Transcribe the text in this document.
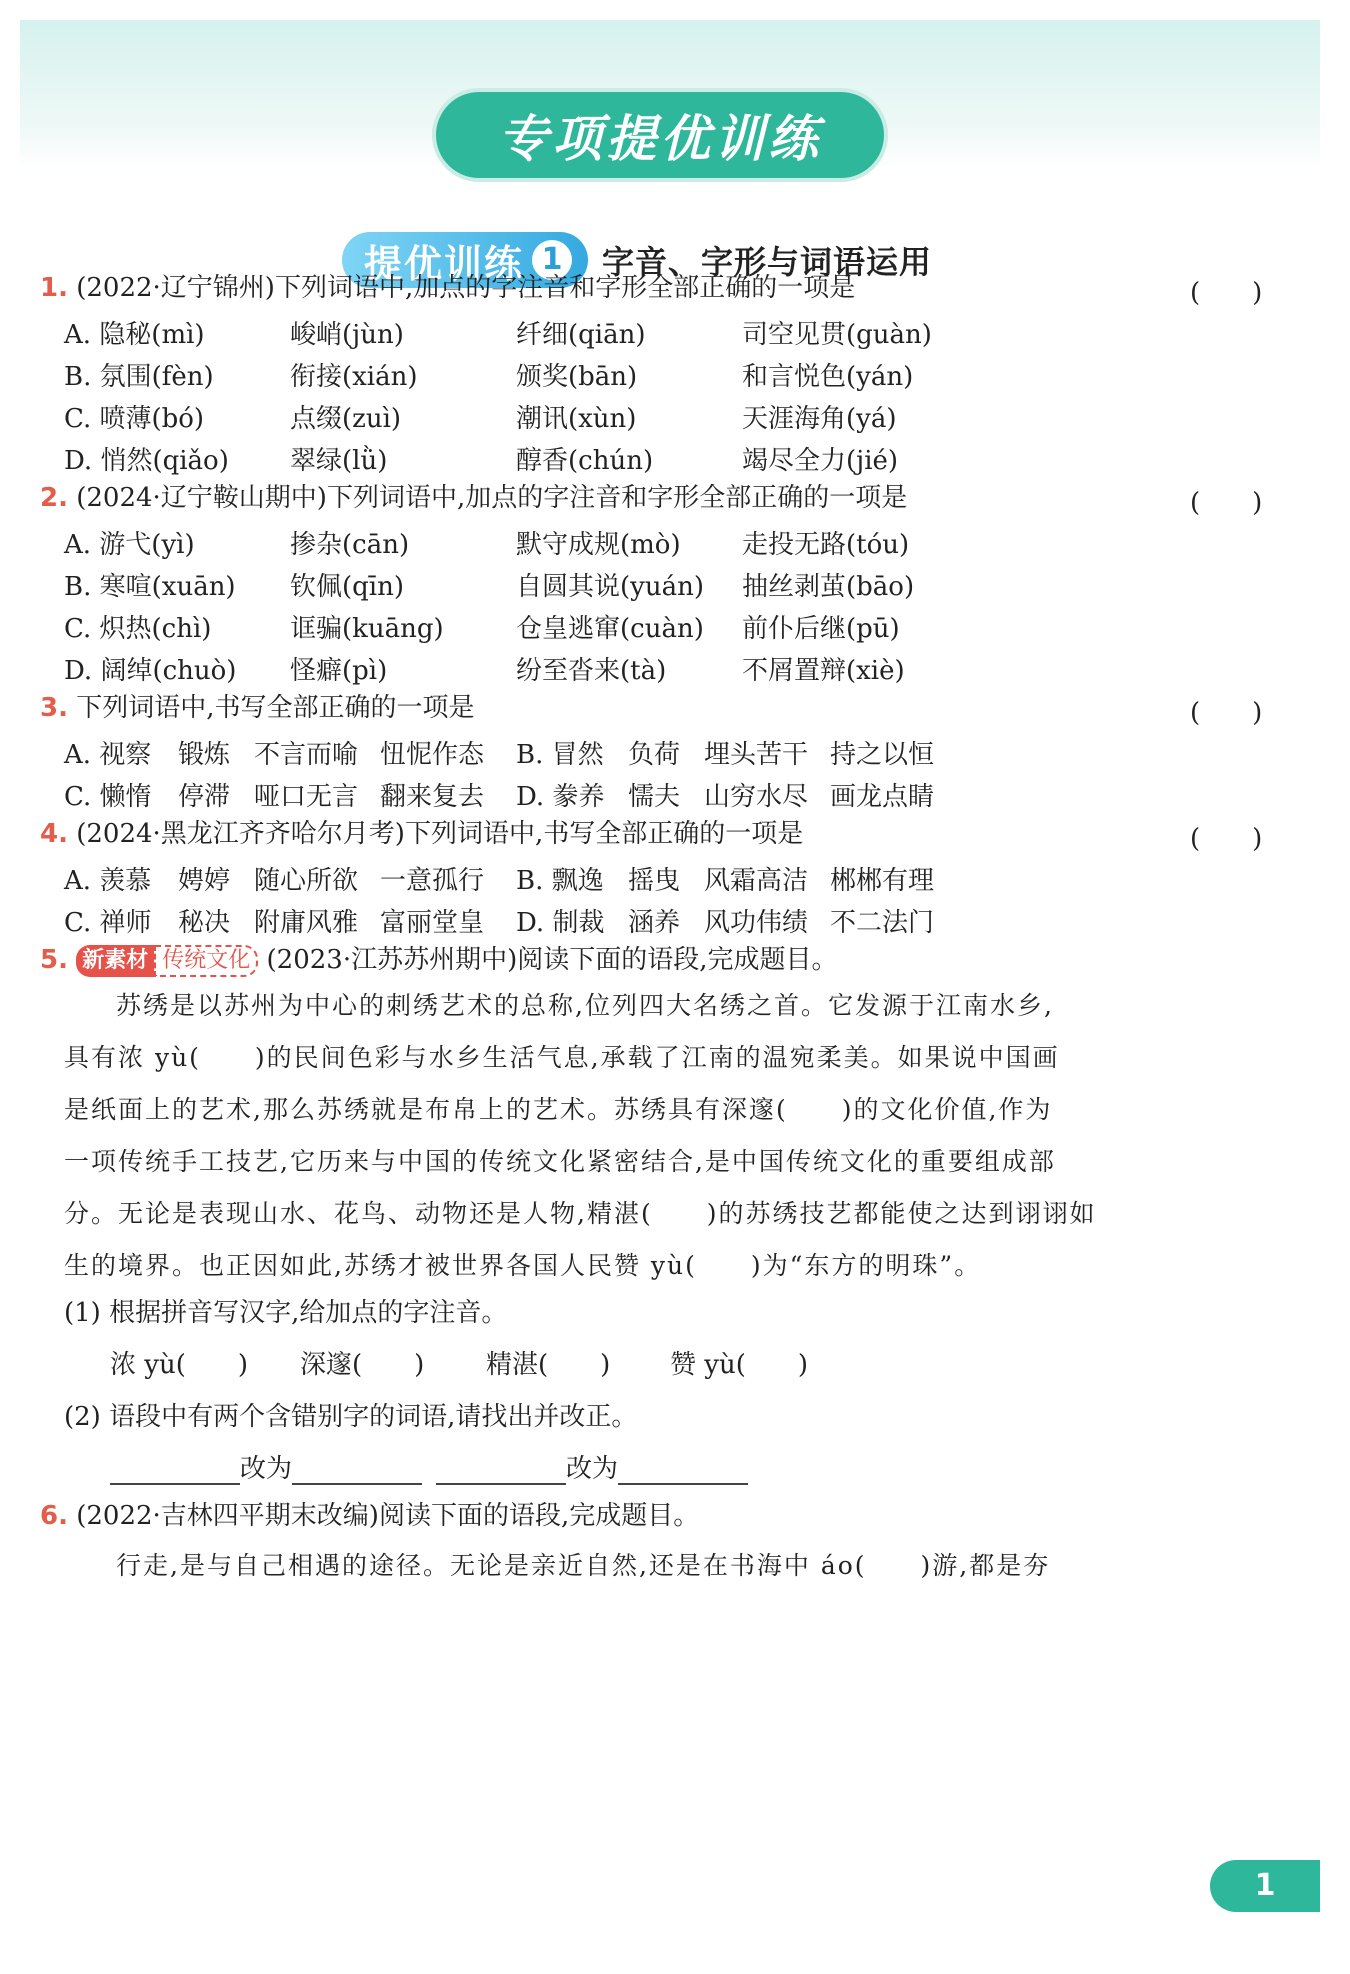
专项提优训练
提优训练 1 字音、字形与词语运用
1. (2022·辽宁锦州)下列词语中,加点的字注音和字形全部正确的一项是	(　　)
A. 隐秘(mì)	峻峭(jùn)	纤细(qiān)	司空见贯(guàn)
B. 氛围(fèn)	衔接(xián)	颁奖(bān)	和言悦色(yán)
C. 喷薄(bó)	点缀(zuì)	潮讯(xùn)	天涯海角(yá)
D. 悄然(qiǎo) 翠绿(lǜ)	醇香(chún)	竭尽全力(jié)
2. (2024·辽宁鞍山期中)下列词语中,加点的字注音和字形全部正确的一项是	(　　)
A. 游弋(yì)	掺杂(cān)	默守成规(mò) 走投无路(tóu)
B. 寒喧(xuān) 钦佩(qīn)	自圆其说(yuán) 抽丝剥茧(bāo)
C. 炽热(chì)	诓骗(kuāng)	仓皇逃窜(cuàn) 前仆后继(pū)
D. 阔绰(chuò) 怪癖(pì)	纷至沓来(tà)	不屑置辩(xiè)
3. 下列词语中,书写全部正确的一项是	(　　)
A. 视察 锻炼 不言而喻 忸怩作态 B. 冒然 负荷 埋头苦干 持之以恒
C. 懒惰 停滞 哑口无言 翻来复去 D. 豢养 懦夫 山穷水尽 画龙点睛
4. (2024·黑龙江齐齐哈尔月考)下列词语中,书写全部正确的一项是	(　　)
A. 羡慕 娉婷 随心所欲 一意孤行 B. 飘逸 摇曳 风霜高洁 郴郴有理
C. 禅师 秘决 附庸风雅 富丽堂皇 D. 制裁 涵养 风功伟绩 不二法门
5. 新素材 传统文化 (2023·江苏苏州期中)阅读下面的语段,完成题目。
苏绣是以苏州为中心的刺绣艺术的总称,位列四大名绣之首。它发源于江南水乡,
具有浓 yù(　　)的民间色彩与水乡生活气息,承载了江南的温宛柔美。如果说中国画
是纸面上的艺术,那么苏绣就是布帛上的艺术。苏绣具有深邃(　　)的文化价值,作为
一项传统手工技艺,它历来与中国的传统文化紧密结合,是中国传统文化的重要组成部
分。无论是表现山水、花鸟、动物还是人物,精湛(　　)的苏绣技艺都能使之达到诩诩如
生的境界。也正因如此,苏绣才被世界各国人民赞 yù(　　)为“东方的明珠”。
(1) 根据拼音写汉字,给加点的字注音。
浓 yù(　　) 深邃(　　) 精湛(　　) 赞 yù(　　)
(2) 语段中有两个含错别字的词语,请找出并改正。
改为	改为
6. (2022·吉林四平期末改编)阅读下面的语段,完成题目。
行走,是与自己相遇的途径。无论是亲近自然,还是在书海中 áo(　　)游,都是夯
1
